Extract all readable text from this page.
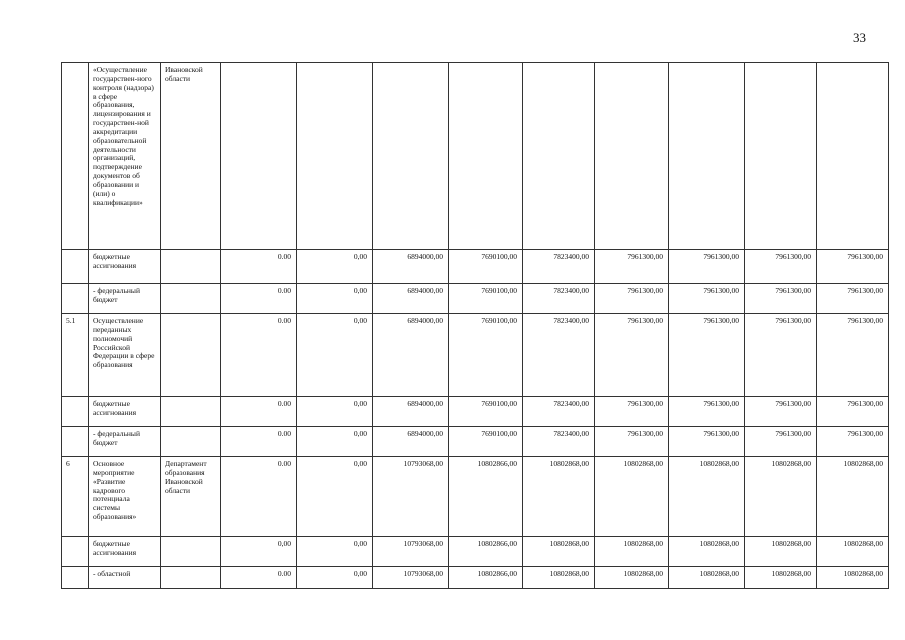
33
	«Осуществление государствен-ного контроля (надзора) в сфере образования, лицензирования и государствен-ной аккредитации образовательной деятельности организаций, подтверждение документов об образовании и (или) о квалификации»	Ивановской области									
	бюджетные ассигнования		0.00	0,00	6894000,00	7690100,00	7823400,00	7961300,00	7961300,00	7961300,00	7961300,00
	- федеральный бюджет		0.00	0,00	6894000,00	7690100,00	7823400,00	7961300,00	7961300,00	7961300,00	7961300,00
5.1	Осуществление переданных полномочий Российской Федерации в сфере образования		0.00	0,00	6894000,00	7690100,00	7823400,00	7961300,00	7961300,00	7961300,00	7961300,00
	бюджетные ассигнования		0.00	0,00	6894000,00	7690100,00	7823400,00	7961300,00	7961300,00	7961300,00	7961300,00
	- федеральный бюджет		0.00	0,00	6894000,00	7690100,00	7823400,00	7961300,00	7961300,00	7961300,00	7961300,00
6	Основное мероприятие «Развитие кадрового потенциала системы образования»	Департамент образования Ивановской области	0.00	0,00	10793068,00	10802866,00	10802868,00	10802868,00	10802868,00	10802868,00	10802868,00
	бюджетные ассигнования		0,00	0,00	10793068,00	10802866,00	10802868,00	10802868,00	10802868,00	10802868,00	10802868,00
	- областной		0.00	0,00	10793068,00	10802866,00	10802868,00	10802868,00	10802868,00	10802868,00	10802868,00
